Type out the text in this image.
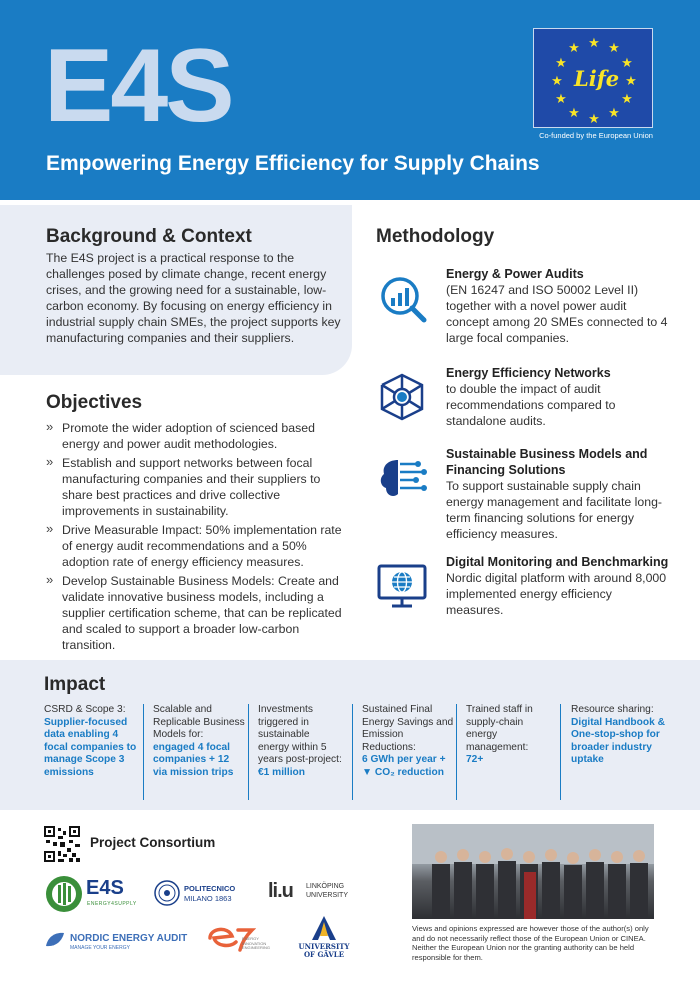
E4S
Empowering Energy Efficiency for Supply Chains
★ ★
★
★
★
★
★
★
★
★
★
★
Life
Co-funded by the European Union
Background & Context

The E4S project is a practical response to the challenges posed by climate change, recent energy crises, and the growing need for a sustainable, low-carbon economy. By focusing on energy efficiency in industrial supply chain SMEs, the project supports key manufacturing companies and their suppliers.

Objectives
» Promote the wider adoption of scienced based energy and power audit methodologies.
» Establish and support networks between focal manufacturing companies and their suppliers to share best practices and drive collective improvements in sustainability.
» Drive Measurable Impact: 50% implementation rate of energy audit recommendations and a 50% adoption rate of energy efficiency measures.
» Develop Sustainable Business Models: Create and validate innovative business models, including a supplier certification scheme, that can be replicated and scaled to support a broader low-carbon transition.
Methodology
Energy & Power Audits
(EN 16247 and ISO 50002 Level II) together with a novel power audit concept among 20 SMEs connected to 4 large focal companies.
Energy Efficiency Networks
to double the impact of audit recommendations compared to standalone audits.
Sustainable Business Models and Financing Solutions
To support sustainable supply chain energy management and facilitate long-term financing solutions for energy efficiency measures.
Digital Monitoring and Benchmarking
Nordic digital platform with around 8,000 implemented energy efficiency measures.
Impact
CSRD & Scope 3:
Supplier-focused data enabling 4 focal companies to manage Scope 3 emissions
Scalable and Replicable Business Models for:
engaged 4 focal companies + 12 via mission trips
Investments triggered in sustainable energy within 5 years post-project:
€1 million
Sustained Final Energy Savings and Emission Reductions:
6 GWh per year + ▼ CO₂ reduction
Trained staff in supply-chain energy management:
72+
Resource sharing:
Digital Handbook & One-stop-shop for broader industry uptake
Project Consortium
E4S
ENERGY4SUPPLY
POLITECNICO
MILANO 1863 li.u LINKÖPING
UNIVERSITY
NORDIC ENERGY AUDIT
MANAGE YOUR ENERGY
ENERGY
INNOVATION
ENGINEERING	UNIVERSITY
OF GÄVLE
Views and opinions expressed are however those of the author(s) only and do not necessarily reflect those of the European Union or CINEA. Neither the European Union nor the granting authority can be held responsible for them.
